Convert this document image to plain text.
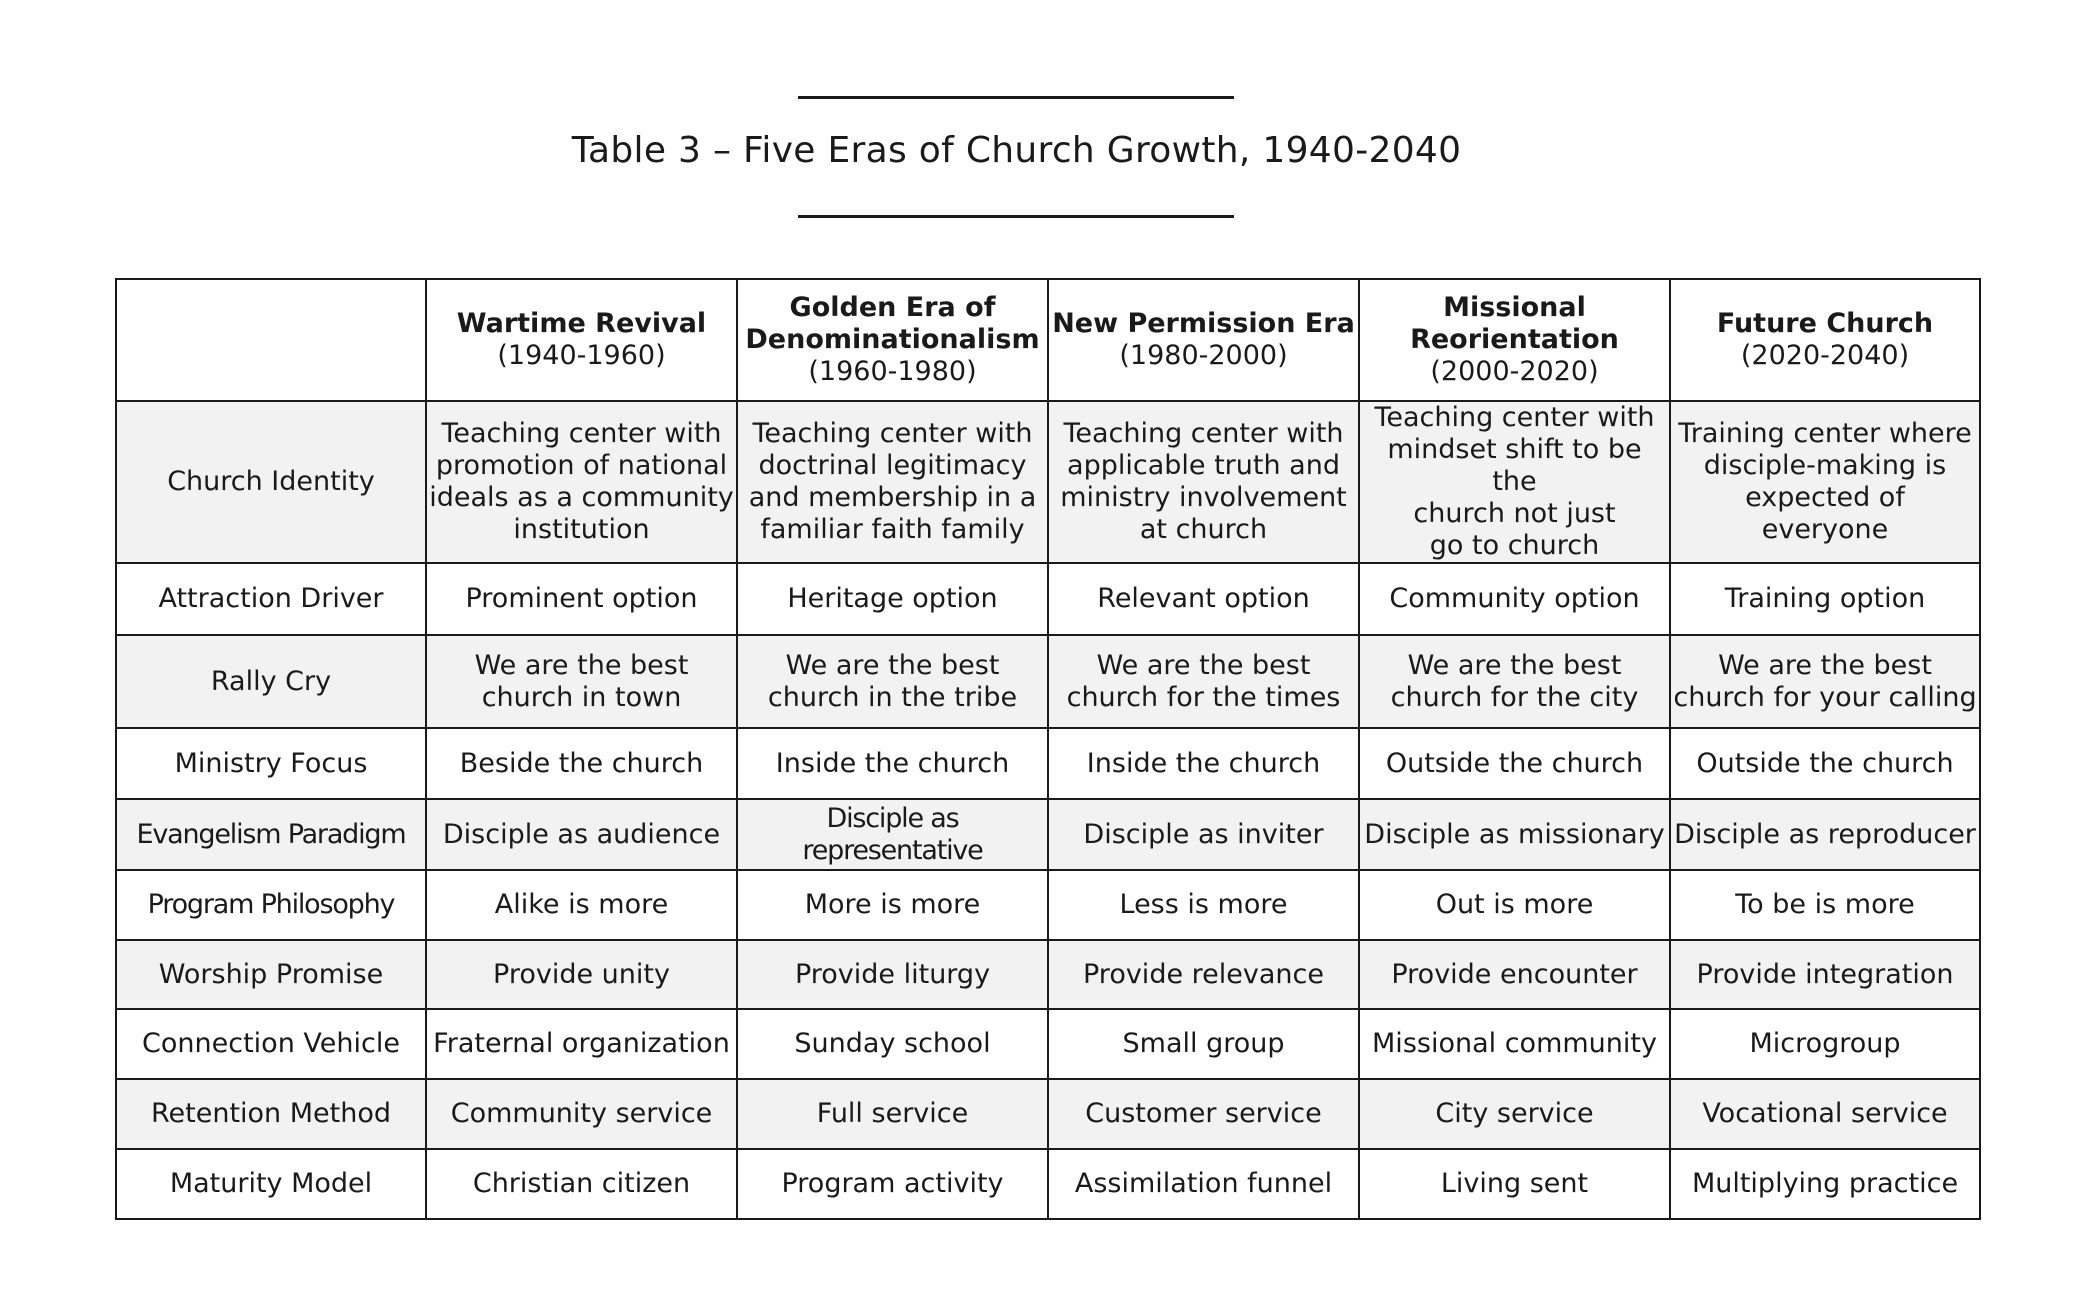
Table 3 – Five Eras of Church Growth, 1940-2040

	Wartime Revival
(1940-1960)	Golden Era of
Denominationalism
(1960-1980)	New Permission Era
(1980-2000)	Missional
Reorientation
(2000-2020)	Future Church
(2020-2040)

Church Identity	Teaching center with
promotion of national
ideals as a community
institution	Teaching center with
doctrinal legitimacy
and membership in a
familiar faith family	Teaching center with
applicable truth and
ministry involvement
at church	Teaching center with
mindset shift to be the
church not just
go to church	Training center where
disciple-making is
expected of
everyone
Attraction Driver	Prominent option	Heritage option	Relevant option	Community option	Training option
Rally Cry	We are the best
church in town	We are the best
church in the tribe	We are the best
church for the times	We are the best
church for the city	We are the best
church for your calling
Ministry Focus	Beside the church	Inside the church	Inside the church	Outside the church	Outside the church
Evangelism Paradigm	Disciple as audience	Disciple as representative	Disciple as inviter	Disciple as missionary	Disciple as reproducer
Program Philosophy	Alike is more	More is more	Less is more	Out is more	To be is more
Worship Promise	Provide unity	Provide liturgy	Provide relevance	Provide encounter	Provide integration
Connection Vehicle	Fraternal organization	Sunday school	Small group	Missional community	Microgroup
Retention Method	Community service	Full service	Customer service	City service	Vocational service
Maturity Model	Christian citizen	Program activity	Assimilation funnel	Living sent	Multiplying practice
